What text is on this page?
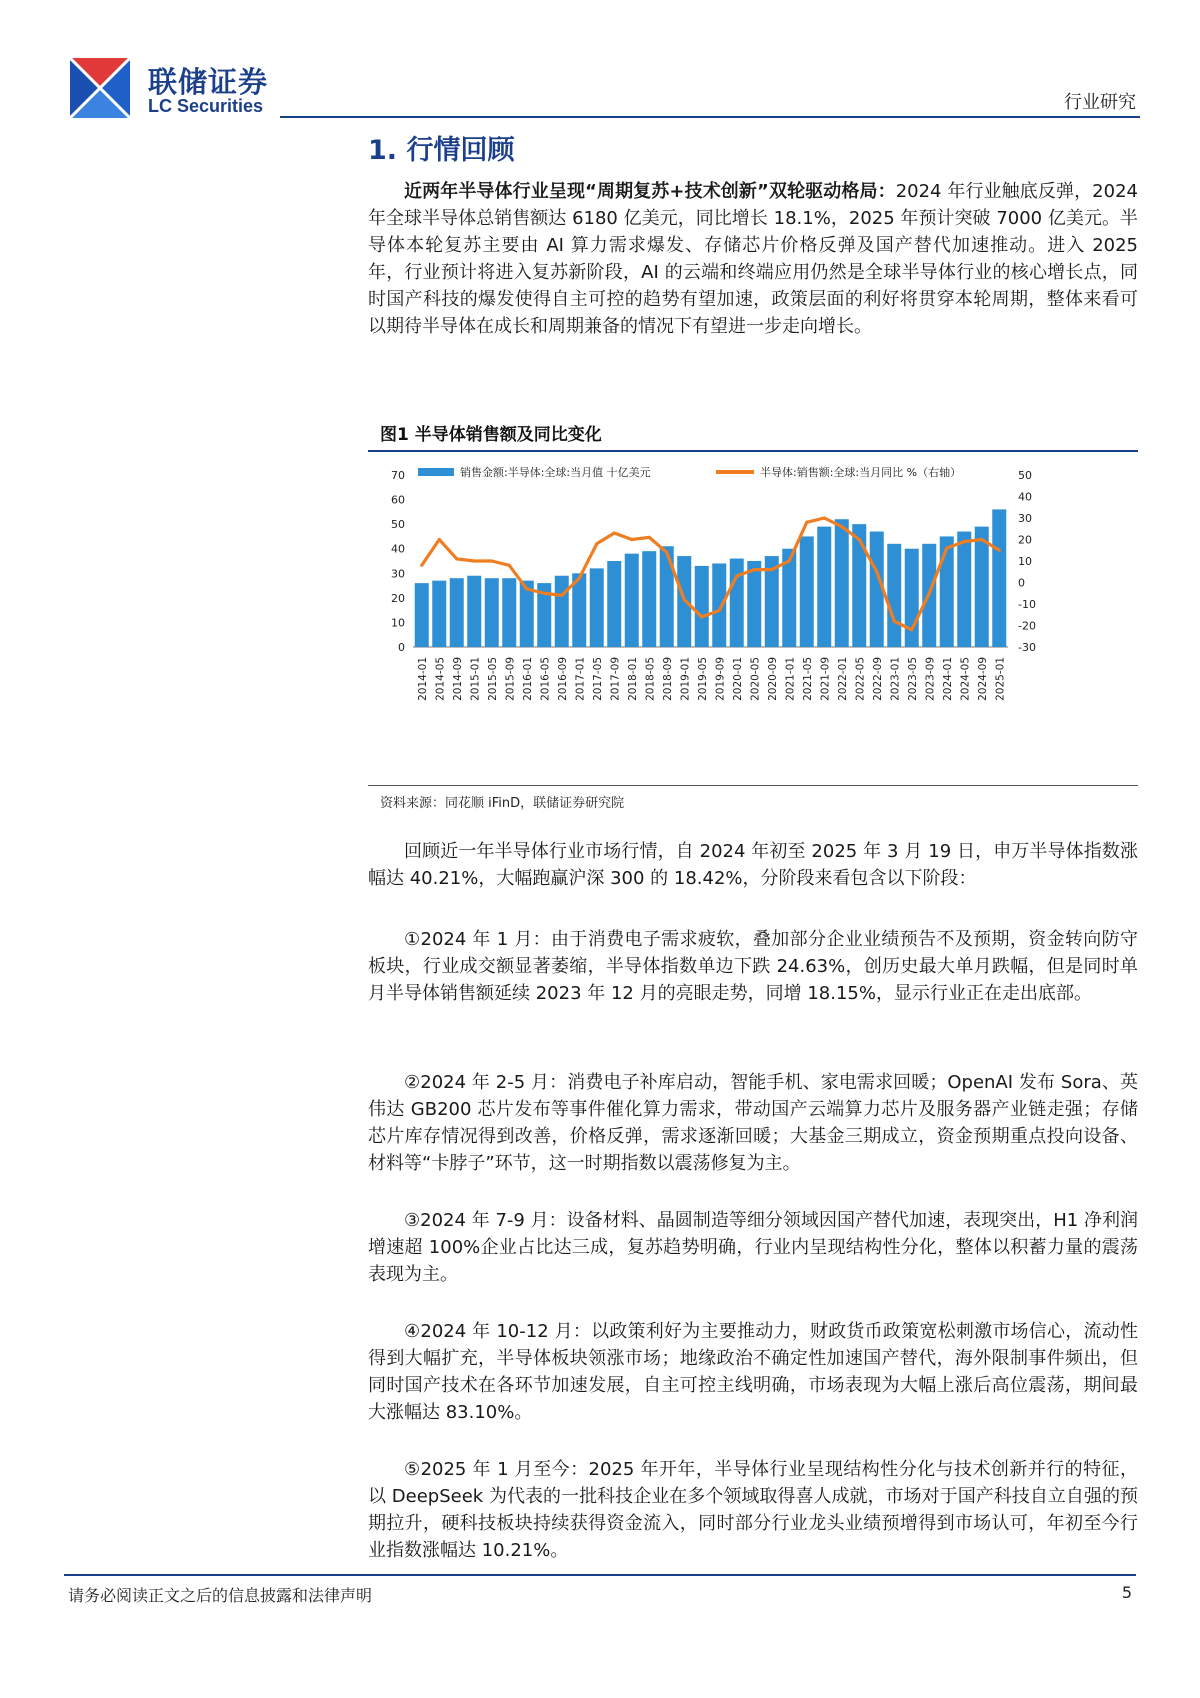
联储证券
LC Securities	行业研究
1. 行情回顾

近两年半导体行业呈现“周期复苏+技术创新”双轮驱动格局：2024 年行业触底反弹，2024 年全球半导体总销售额达 6180 亿美元，同比增长 18.1%，2025 年预计突破 7000 亿美元。半导体本轮复苏主要由 AI 算力需求爆发、存储芯片价格反弹及国产替代加速推动。进入 2025 年，行业预计将进入复苏新阶段，AI 的云端和终端应用仍然是全球半导体行业的核心增长点，同时国产科技的爆发使得自主可控的趋势有望加速，政策层面的利好将贯穿本轮周期，整体来看可以期待半导体在成长和周期兼备的情况下有望进一步走向增长。

图1 半导体销售额及同比变化
销售金额:半导体:全球:当月值 十亿美元	半导体:销售额:全球:当月同比 %（右轴）
0
10
20
30
40
50
60
70
-30
-20
-10
0
10
20
30
40
50
2014-01 2014-05 2014-09 2015-01 2015-05 2015-09 2016-01 2016-05 2016-09 2017-01 2017-05 2017-09 2018-01 2018-05 2018-09 2019-01 2019-05 2019-09 2020-01 2020-05 2020-09 2021-01 2021-05 2021-09 2022-01 2022-05 2022-09 2023-01 2023-05 2023-09 2024-01 2024-05 2024-09 2025-01
资料来源：同花顺 iFinD，联储证券研究院

回顾近一年半导体行业市场行情，自 2024 年初至 2025 年 3 月 19 日，申万半导体指数涨幅达 40.21%，大幅跑赢沪深 300 的 18.42%，分阶段来看包含以下阶段：

①2024 年 1 月：由于消费电子需求疲软，叠加部分企业业绩预告不及预期，资金转向防守板块，行业成交额显著萎缩，半导体指数单边下跌 24.63%，创历史最大单月跌幅，但是同时单月半导体销售额延续 2023 年 12 月的亮眼走势，同增 18.15%，显示行业正在走出底部。

②2024 年 2-5 月：消费电子补库启动，智能手机、家电需求回暖；OpenAI 发布 Sora、英伟达 GB200 芯片发布等事件催化算力需求，带动国产云端算力芯片及服务器产业链走强；存储芯片库存情况得到改善，价格反弹，需求逐渐回暖；大基金三期成立，资金预期重点投向设备、材料等“卡脖子”环节，这一时期指数以震荡修复为主。

③2024 年 7-9 月：设备材料、晶圆制造等细分领域因国产替代加速，表现突出，H1 净利润增速超 100%企业占比达三成，复苏趋势明确，行业内呈现结构性分化，整体以积蓄力量的震荡表现为主。

④2024 年 10-12 月：以政策利好为主要推动力，财政货币政策宽松刺激市场信心，流动性得到大幅扩充，半导体板块领涨市场；地缘政治不确定性加速国产替代，海外限制事件频出，但同时国产技术在各环节加速发展，自主可控主线明确，市场表现为大幅上涨后高位震荡，期间最大涨幅达 83.10%。

⑤2025 年 1 月至今：2025 年开年，半导体行业呈现结构性分化与技术创新并行的特征，以 DeepSeek 为代表的一批科技企业在多个领域取得喜人成就，市场对于国产科技自立自强的预期拉升，硬科技板块持续获得资金流入，同时部分行业龙头业绩预增得到市场认可，年初至今行业指数涨幅达 10.21%。

请务必阅读正文之后的信息披露和法律声明	5
